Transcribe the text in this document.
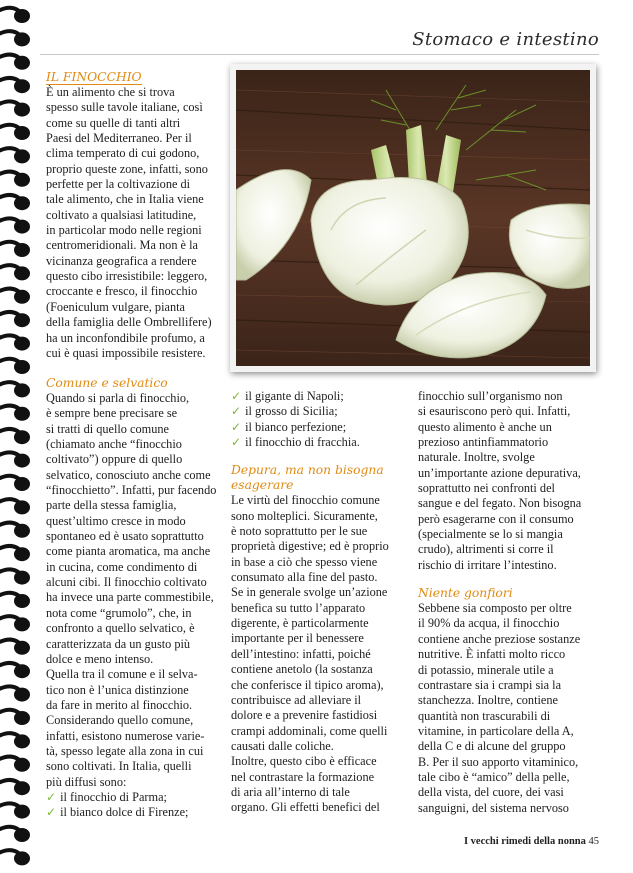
Stomaco e intestino

IL FINOCCHIO

È un alimento che si trova
spesso sulle tavole italiane, così
come su quelle di tanti altri
Paesi del Mediterraneo. Per il
clima temperato di cui godono,
proprio queste zone, infatti, sono
perfette per la coltivazione di
tale alimento, che in Italia viene
coltivato a qualsiasi latitudine,
in particolar modo nelle regioni
centromeridionali. Ma non è la
vicinanza geografica a rendere
questo cibo irresistibile: leggero,
croccante e fresco, il finocchio
(Foeniculum vulgare, pianta
della famiglia delle Ombrellifere)
ha un inconfondibile profumo, a
cui è quasi impossibile resistere.

Comune e selvatico

Quando si parla di finocchio,
è sempre bene precisare se
si tratti di quello comune
(chiamato anche “finocchio
coltivato”) oppure di quello
selvatico, conosciuto anche come
“finocchietto”. Infatti, pur facendo
parte della stessa famiglia,
quest’ultimo cresce in modo
spontaneo ed è usato soprattutto
come pianta aromatica, ma anche
in cucina, come condimento di
alcuni cibi. Il finocchio coltivato
ha invece una parte commestibile,
nota come “grumolo”, che, in
confronto a quello selvatico, è
caratterizzata da un gusto più
dolce e meno intenso.
Quella tra il comune e il selva-
tico non è l’unica distinzione
da fare in merito al finocchio.
Considerando quello comune,
infatti, esistono numerose varie-
tà, spesso legate alla zona in cui
sono coltivati. In Italia, quelli
più diffusi sono:
✓ il finocchio di Parma;
✓ il bianco dolce di Firenze;
✓ il gigante di Napoli;
✓ il grosso di Sicilia;
✓ il bianco perfezione;
✓ il finocchio di fracchia.

Depura, ma non bisogna
esagerare

Le virtù del finocchio comune
sono molteplici. Sicuramente,
è noto soprattutto per le sue
proprietà digestive; ed è proprio
in base a ciò che spesso viene
consumato alla fine del pasto.
Se in generale svolge un’azione
benefica su tutto l’apparato
digerente, è particolarmente
importante per il benessere
dell’intestino: infatti, poiché
contiene anetolo (la sostanza
che conferisce il tipico aroma),
contribuisce ad alleviare il
dolore e a prevenire fastidiosi
crampi addominali, come quelli
causati dalle coliche.
Inoltre, questo cibo è efficace
nel contrastare la formazione
di aria all’interno di tale
organo. Gli effetti benefici del
finocchio sull’organismo non
si esauriscono però qui. Infatti,
questo alimento è anche un
prezioso antinfiammatorio
naturale. Inoltre, svolge
un’importante azione depurativa,
soprattutto nei confronti del
sangue e del fegato. Non bisogna
però esagerarne con il consumo
(specialmente se lo si mangia
crudo), altrimenti si corre il
rischio di irritare l’intestino.

Niente gonfiori

Sebbene sia composto per oltre
il 90% da acqua, il finocchio
contiene anche preziose sostanze
nutritive. È infatti molto ricco
di potassio, minerale utile a
contrastare sia i crampi sia la
stanchezza. Inoltre, contiene
quantità non trascurabili di
vitamine, in particolare della A,
della C e di alcune del gruppo
B. Per il suo apporto vitaminico,
tale cibo è “amico” della pelle,
della vista, del cuore, dei vasi
sanguigni, del sistema nervoso
I vecchi rimedi della nonna 45
